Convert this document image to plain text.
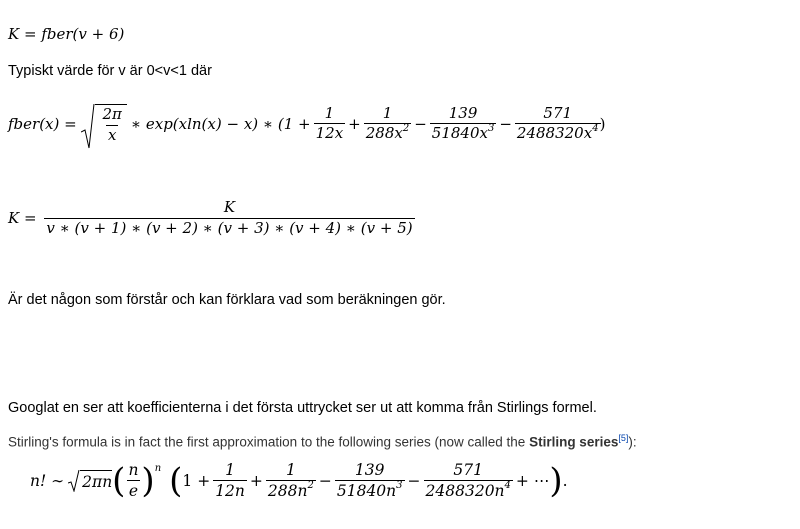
K = fber(v + 6)
Typiskt värde för v är 0<v<1 där
fber(x) = $\frac{2\pi}{x}$ ∗ exp(xln(x) − x) ∗ ($1 + \frac{1}{12x} + \frac{1}{288x^2} - \frac{139}{51840x^3} - \frac{571}{2488320x^4}$ )
$K = \frac{K}{v ∗ (v + 1) ∗ (v + 2) ∗ (v + 3) ∗ (v + 4) ∗ (v + 5)}$
Är det någon som förstår och kan förklara vad som beräkningen gör.
Googlat en ser att koefficienterna i det första uttrycket ser ut att komma från Stirlings formel.
Stirling's formula is in fact the first approximation to the following series (now called the Stirling series[5]):
n! ∼ 2πn ( $\frac{n}{e}$ ) n ( $1 + \frac{1}{12n} + \frac{1}{288n^2} - \frac{139}{51840n^3} - \frac{571}{2488320n^4}$ + ⋯ ) .
